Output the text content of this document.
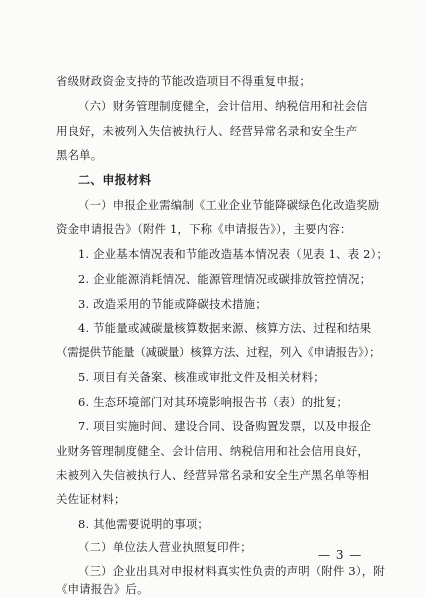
省级财政资金支持的节能改造项目不得重复申报；
（六）财务管理制度健全，会计信用、纳税信用和社会信
用良好，未被列入失信被执行人、经营异常名录和安全生产
黑名单。
二、申报材料
（一）申报企业需编制《工业企业节能降碳绿色化改造奖励
资金申请报告》（附件 1，下称《申请报告》），主要内容：
1. 企业基本情况表和节能改造基本情况表（见表 1、表 2）；
2. 企业能源消耗情况、能源管理情况或碳排放管控情况；
3. 改造采用的节能或降碳技术措施；
4. 节能量或减碳量核算数据来源、核算方法、过程和结果
（需提供节能量（减碳量）核算方法、过程，列入《申请报告》）；
5. 项目有关备案、核准或审批文件及相关材料；
6. 生态环境部门对其环境影响报告书（表）的批复；
7. 项目实施时间、建设合同、设备购置发票，以及申报企
业财务管理制度健全、会计信用、纳税信用和社会信用良好，
未被列入失信被执行人、经营异常名录和安全生产黑名单等相
关佐证材料；
8. 其他需要说明的事项；
（二）单位法人营业执照复印件；
（三）企业出具对申报材料真实性负责的声明（附件 3），附
《申请报告》后。
— 3 —
